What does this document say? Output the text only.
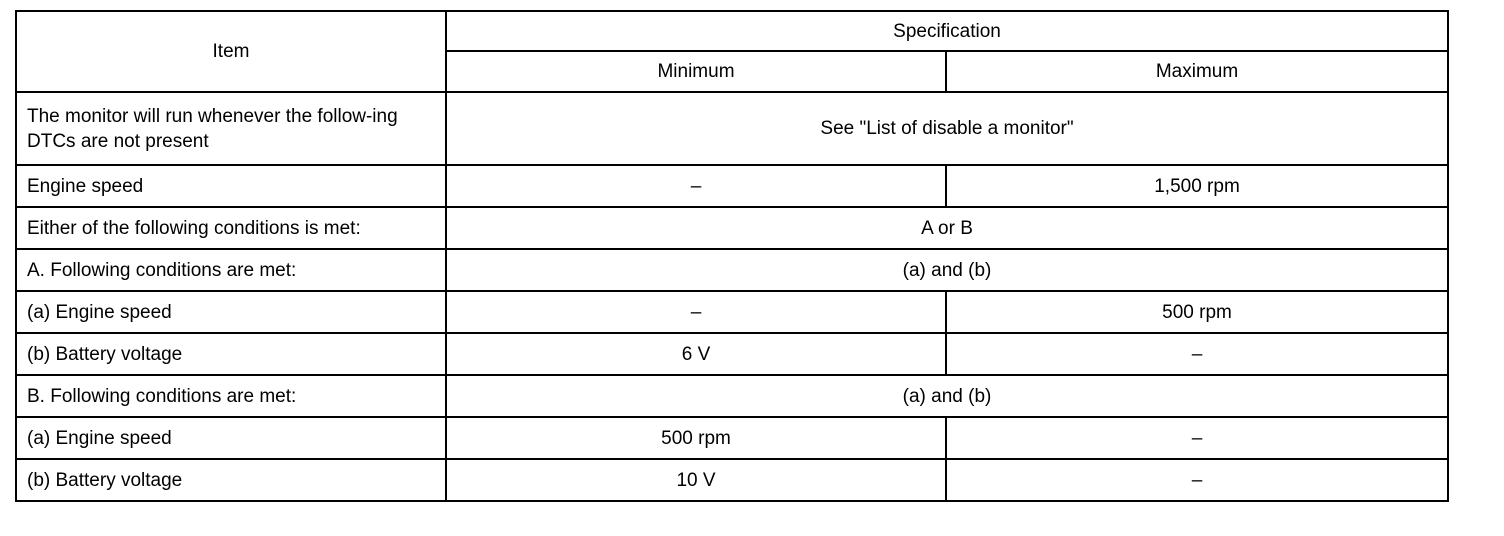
Item	Specification	
	Minimum	Maximum
The monitor will run whenever the follow-ing DTCs are not present	See "List of disable a monitor"	
Engine speed	–	1,500 rpm
Either of the following conditions is met:	A or B	
A. Following conditions are met:	(a) and (b)	
(a) Engine speed	–	500 rpm
(b) Battery voltage	6 V	–
B. Following conditions are met:	(a) and (b)	
(a) Engine speed	500 rpm	–
(b) Battery voltage	10 V	–
